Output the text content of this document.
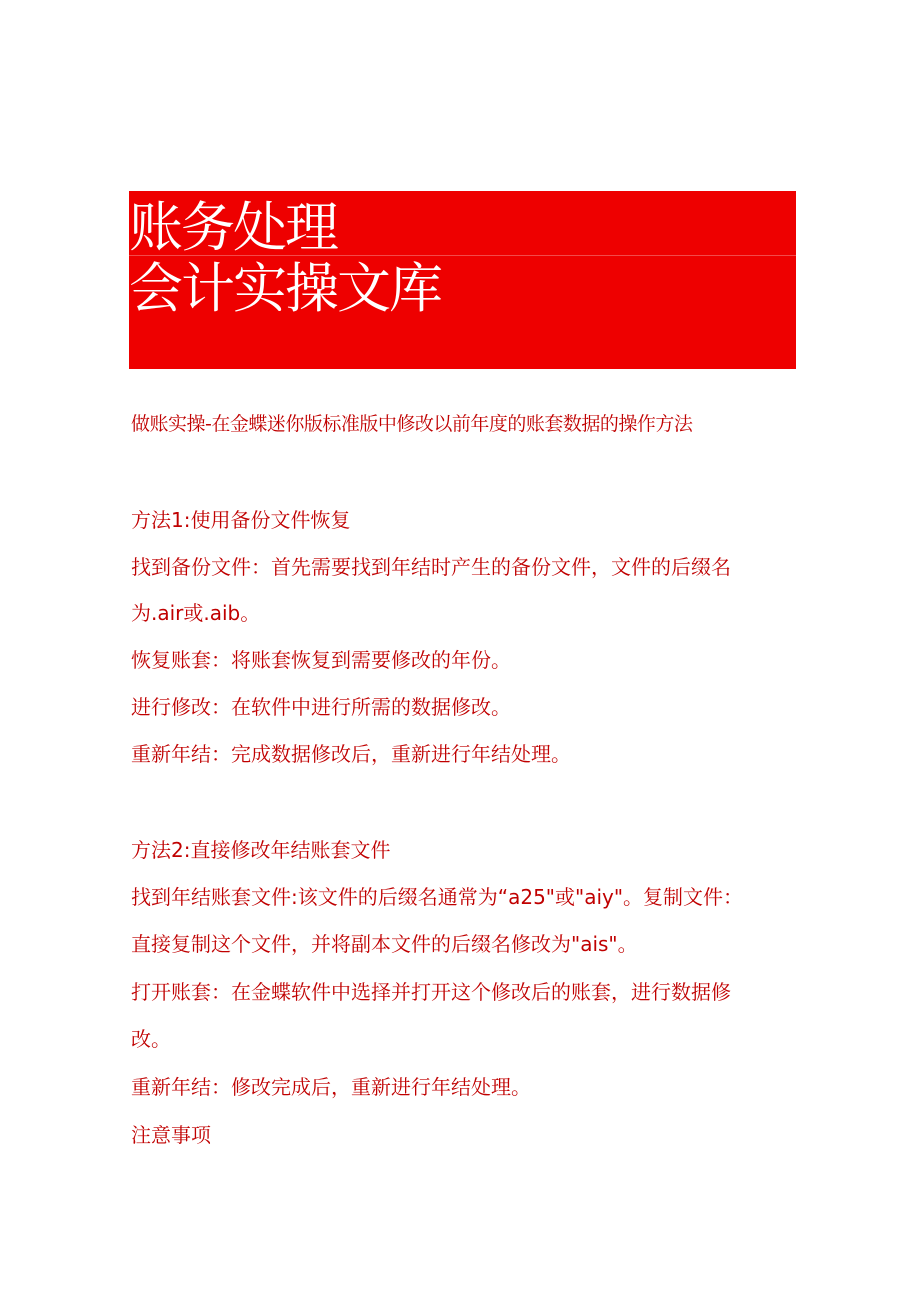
账务处理
会计实操文库
做账实操-在金蝶迷你版标准版中修改以前年度的账套数据的操作方法
方法1:使用备份文件恢复
找到备份文件：首先需要找到年结时产生的备份文件，文件的后缀名
为.air或.aib。
恢复账套：将账套恢复到需要修改的年份。
进行修改：在软件中进行所需的数据修改。
重新年结：完成数据修改后，重新进行年结处理。
方法2:直接修改年结账套文件
找到年结账套文件:该文件的后缀名通常为“a25"或"aiy"。复制文件：
直接复制这个文件，并将副本文件的后缀名修改为"ais"。
打开账套：在金蝶软件中选择并打开这个修改后的账套，进行数据修
改。
重新年结：修改完成后，重新进行年结处理。
注意事项
